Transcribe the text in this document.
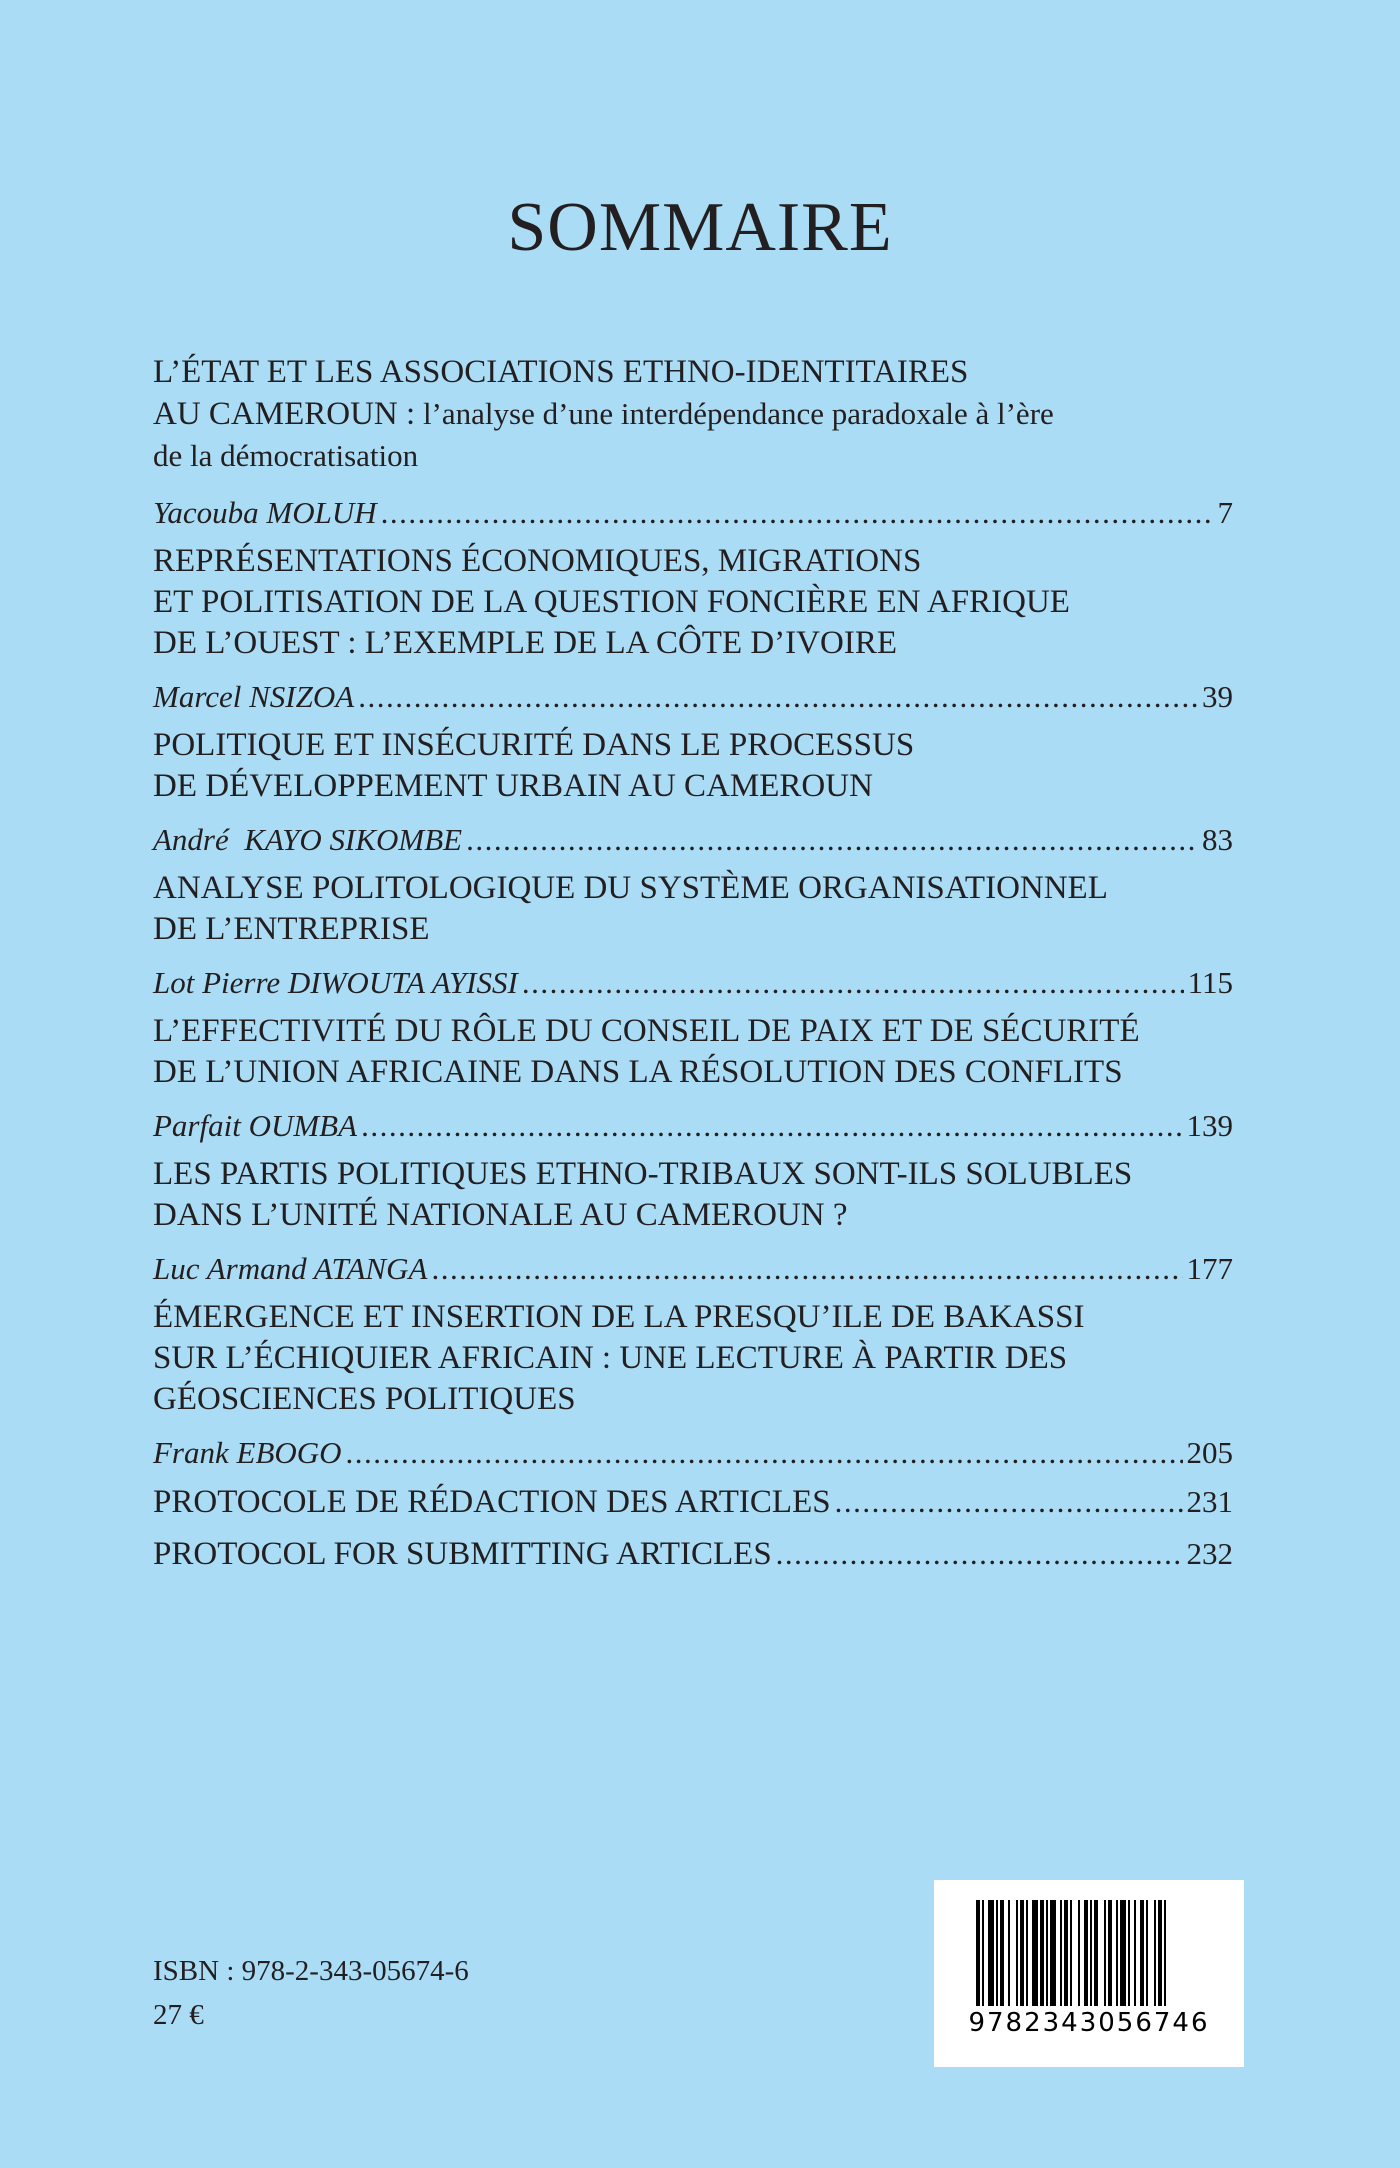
SOMMAIRE

L’ÉTAT ET LES ASSOCIATIONS ETHNO-IDENTITAIRES
AU CAMEROUN : l’analyse d’une interdépendance paradoxale à l’ère
de la démocratisation

Yacouba MOLUH .....	7

REPRÉSENTATIONS ÉCONOMIQUES, MIGRATIONS
ET POLITISATION DE LA QUESTION FONCIÈRE EN AFRIQUE
DE L’OUEST : L’EXEMPLE DE LA CÔTE D’IVOIRE

Marcel NSIZOA .....	39

POLITIQUE ET INSÉCURITÉ DANS LE PROCESSUS
DE DÉVELOPPEMENT URBAIN AU CAMEROUN

André  KAYO SIKOMBE .....	83

ANALYSE POLITOLOGIQUE DU SYSTÈME ORGANISATIONNEL
DE L’ENTREPRISE

Lot Pierre DIWOUTA AYISSI .....	115

L’EFFECTIVITÉ DU RÔLE DU CONSEIL DE PAIX ET DE SÉCURITÉ
DE L’UNION AFRICAINE DANS LA RÉSOLUTION DES CONFLITS

Parfait OUMBA .....	139

LES PARTIS POLITIQUES ETHNO-TRIBAUX SONT-ILS SOLUBLES
DANS L’UNITÉ NATIONALE AU CAMEROUN ?

Luc Armand ATANGA .....	177

ÉMERGENCE ET INSERTION DE LA PRESQU’ILE DE BAKASSI
SUR L’ÉCHIQUIER AFRICAIN : UNE LECTURE À PARTIR DES
GÉOSCIENCES POLITIQUES

Frank EBOGO .....	205
PROTOCOLE DE RÉDACTION DES ARTICLES .....	231
PROTOCOL FOR SUBMITTING ARTICLES .....	232
ISBN : 978-2-343-05674-6
27 €	9782343056746
